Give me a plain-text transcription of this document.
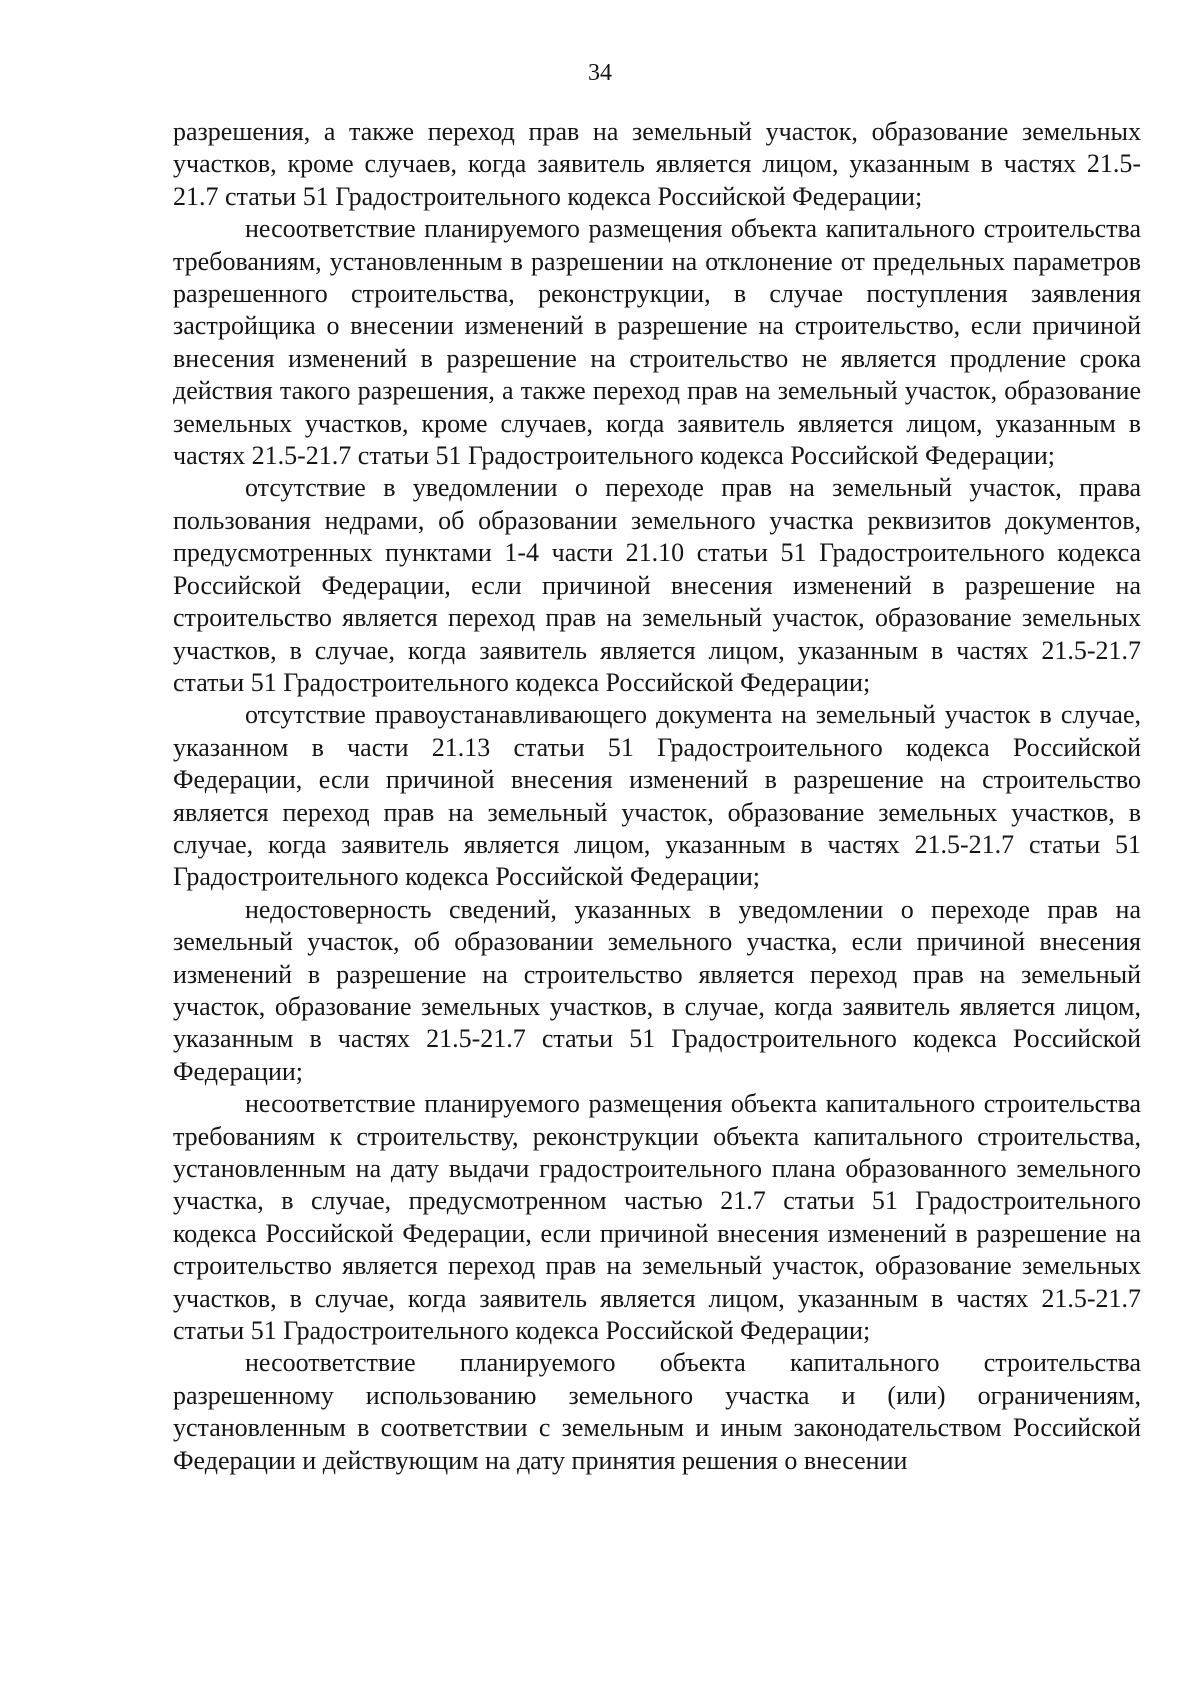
34

разрешения, а также переход прав на земельный участок, образование земельных участков, кроме случаев, когда заявитель является лицом, указанным в частях 21.5-21.7 статьи 51 Градостроительного кодекса Российской Федерации;

несоответствие планируемого размещения объекта капитального строительства требованиям, установленным в разрешении на отклонение от предельных параметров разрешенного строительства, реконструкции, в случае поступления заявления застройщика о внесении изменений в разрешение на строительство, если причиной внесения изменений в разрешение на строительство не является продление срока действия такого разрешения, а также переход прав на земельный участок, образование земельных участков, кроме случаев, когда заявитель является лицом, указанным в частях 21.5-21.7 статьи 51 Градостроительного кодекса Российской Федерации;

отсутствие в уведомлении о переходе прав на земельный участок, права пользования недрами, об образовании земельного участка реквизитов документов, предусмотренных пунктами 1-4 части 21.10 статьи 51 Градостроительного кодекса Российской Федерации, если причиной внесения изменений в разрешение на строительство является переход прав на земельный участок, образование земельных участков, в случае, когда заявитель является лицом, указанным в частях 21.5-21.7 статьи 51 Градостроительного кодекса Российской Федерации;

отсутствие правоустанавливающего документа на земельный участок в случае, указанном в части 21.13 статьи 51 Градостроительного кодекса Российской Федерации, если причиной внесения изменений в разрешение на строительство является переход прав на земельный участок, образование земельных участков, в случае, когда заявитель является лицом, указанным в частях 21.5-21.7 статьи 51 Градостроительного кодекса Российской Федерации;

недостоверность сведений, указанных в уведомлении о переходе прав на земельный участок, об образовании земельного участка, если причиной внесения изменений в разрешение на строительство является переход прав на земельный участок, образование земельных участков, в случае, когда заявитель является лицом, указанным в частях 21.5-21.7 статьи 51 Градостроительного кодекса Российской Федерации;

несоответствие планируемого размещения объекта капитального строительства требованиям к строительству, реконструкции объекта капитального строительства, установленным на дату выдачи градостроительного плана образованного земельного участка, в случае, предусмотренном частью 21.7 статьи 51 Градостроительного кодекса Российской Федерации, если причиной внесения изменений в разрешение на строительство является переход прав на земельный участок, образование земельных участков, в случае, когда заявитель является лицом, указанным в частях 21.5-21.7 статьи 51 Градостроительного кодекса Российской Федерации;

несоответствие планируемого объекта капитального строительства разрешенному использованию земельного участка и (или) ограничениям, установленным в соответствии с земельным и иным законодательством Российской Федерации и действующим на дату принятия решения о внесении
